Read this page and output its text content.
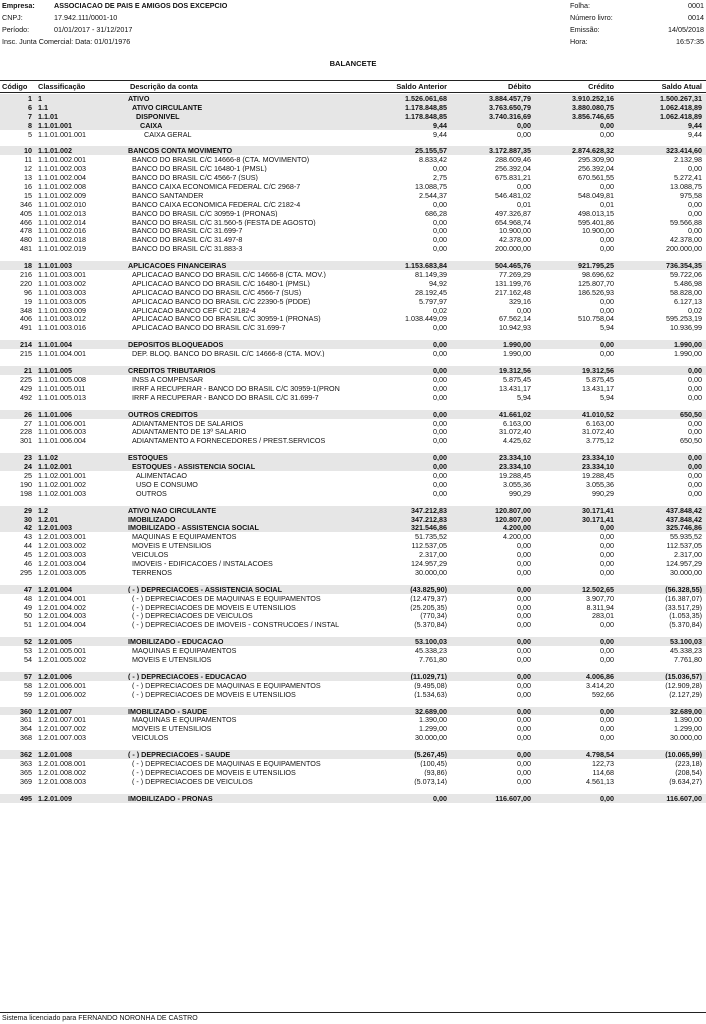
Empresa:	ASSOCIACAO DE PAIS E AMIGOS DOS EXCEPCIO
CNPJ:	17.942.111/0001-10
Período:	01/01/2017 - 31/12/2017
Insc. Junta Comercial: Data: 01/01/1976
Folha:	0001
Número livro:	0014
Emissão:	14/05/2018
Hora:	16:57:35
BALANCETE
Código Classificação	Descrição da conta	Saldo Anterior	Débito	Crédito	Saldo Atual
1 1	ATIVO	1.526.061,68	3.884.457,79	3.910.252,16	1.500.267,31
6 1.1	ATIVO CIRCULANTE	1.178.848,85	3.763.650,79	3.880.080,75	1.062.418,89
7 1.1.01	DISPONIVEL	1.178.848,85	3.740.316,69	3.856.746,65	1.062.418,89
8 1.1.01.001	CAIXA	9,44	0,00	0,00	9,44
5 1.1.01.001.001	CAIXA GERAL	9,44	0,00	0,00	9,44
10 1.1.01.002	BANCOS CONTA MOVIMENTO	25.155,57	3.172.887,35	2.874.628,32	323.414,60
11 1.1.01.002.001	BANCO DO BRASIL C/C 14666-8 (CTA. MOVIMENTO)	8.833,42	288.609,46	295.309,90	2.132,98
12 1.1.01.002.003	BANCO DO BRASIL C/C 16480-1 (PMSL)	0,00	256.392,04	256.392,04	0,00
13 1.1.01.002.004	BANCO DO BRASIL C/C 4566-7 (SUS)	2,75	675.831,21	670.561,55	5.272,41
16 1.1.01.002.008	BANCO CAIXA ECONOMICA FEDERAL C/C 2968-7	13.088,75	0,00	0,00	13.088,75
15 1.1.01.002.009	BANCO SANTANDER	2.544,37	546.481,02	548.049,81	975,58
346 1.1.01.002.010	BANCO CAIXA ECONOMICA FEDERAL C/C 2182-4	0,00	0,01	0,01	0,00
405 1.1.01.002.013	BANCO DO BRASIL C/C 30959-1 (PRONAS)	686,28	497.326,87	498.013,15	0,00
466 1.1.01.002.014	BANCO DO BRASIL C/C 31.560-5 (FESTA DE AGOSTO)	0,00	654.968,74	595.401,86	59.566,88
478 1.1.01.002.016	BANCO DO BRASIL C/C 31.699-7	0,00	10.900,00	10.900,00	0,00
480 1.1.01.002.018	BANCO DO BRASIL C/C 31.497-8	0,00	42.378,00	0,00	42.378,00
481 1.1.01.002.019	BANCO DO BRASIL C/C 31.883-3	0,00	200.000,00	0,00	200.000,00
18 1.1.01.003	APLICACOES FINANCEIRAS	1.153.683,84	504.465,76	921.795,25	736.354,35
216 1.1.01.003.001	APLICACAO BANCO DO BRASIL C/C 14666-8 (CTA. MOV.)	81.149,39	77.269,29	98.696,62	59.722,06
220 1.1.01.003.002	APLICACAO BANCO DO BRASIL C/C 16480-1 (PMSL)	94,92	131.199,76	125.807,70	5.486,98
96 1.1.01.003.003	APLICACAO BANCO DO BRASIL C/C 4566-7 (SUS)	28.192,45	217.162,48	186.526,93	58.828,00
19 1.1.01.003.005	APLICACAO BANCO DO BRASIL C/C 22390-5 (PDDE)	5.797,97	329,16	0,00	6.127,13
348 1.1.01.003.009	APLICACAO BANCO CEF C/C 2182-4	0,02	0,00	0,00	0,02
406 1.1.01.003.012	APLICACAO BANCO DO BRASIL C/C 30959-1 (PRONAS)	1.038.449,09	67.562,14	510.758,04	595.253,19
491 1.1.01.003.016	APLICACAO BANCO DO BRASIL C/C 31.699-7	0,00	10.942,93	5,94	10.936,99
214 1.1.01.004	DEPOSITOS BLOQUEADOS	0,00	1.990,00	0,00	1.990,00
215 1.1.01.004.001	DEP. BLOQ. BANCO DO BRASIL C/C 14666-8 (CTA. MOV.)	0,00	1.990,00	0,00	1.990,00
21 1.1.01.005	CREDITOS TRIBUTARIOS	0,00	19.312,56	19.312,56	0,00
225 1.1.01.005.008	INSS A COMPENSAR	0,00	5.875,45	5.875,45	0,00
429 1.1.01.005.011	IRRF A RECUPERAR - BANCO DO BRASIL C/C 30959-1(PRON	0,00	13.431,17	13.431,17	0,00
492 1.1.01.005.013	IRRF A RECUPERAR - BANCO DO BRASIL C/C 31.699-7	0,00	5,94	5,94	0,00
26 1.1.01.006	OUTROS CREDITOS	0,00	41.661,02	41.010,52	650,50
27 1.1.01.006.001	ADIANTAMENTOS DE SALARIOS	0,00	6.163,00	6.163,00	0,00
228 1.1.01.006.003	ADIANTAMENTO DE 13º SALARIO	0,00	31.072,40	31.072,40	0,00
301 1.1.01.006.004	ADIANTAMENTO A FORNECEDORES / PREST.SERVICOS	0,00	4.425,62	3.775,12	650,50
23 1.1.02	ESTOQUES	0,00	23.334,10	23.334,10	0,00
24 1.1.02.001	ESTOQUES - ASSISTENCIA SOCIAL	0,00	23.334,10	23.334,10	0,00
25 1.1.02.001.001	ALIMENTACAO	0,00	19.288,45	19.288,45	0,00
190 1.1.02.001.002	USO E CONSUMO	0,00	3.055,36	3.055,36	0,00
198 1.1.02.001.003	OUTROS	0,00	990,29	990,29	0,00
29 1.2	ATIVO NAO CIRCULANTE	347.212,83	120.807,00	30.171,41	437.848,42
30 1.2.01	IMOBILIZADO	347.212,83	120.807,00	30.171,41	437.848,42
42 1.2.01.003	IMOBILIZADO - ASSISTENCIA SOCIAL	321.546,86	4.200,00	0,00	325.746,86
43 1.2.01.003.001	MAQUINAS E EQUIPAMENTOS	51.735,52	4.200,00	0,00	55.935,52
44 1.2.01.003.002	MOVEIS E UTENSILIOS	112.537,05	0,00	0,00	112.537,05
45 1.2.01.003.003	VEICULOS	2.317,00	0,00	0,00	2.317,00
46 1.2.01.003.004	IMOVEIS - EDIFICACOES / INSTALACOES	124.957,29	0,00	0,00	124.957,29
295 1.2.01.003.005	TERRENOS	30.000,00	0,00	0,00	30.000,00
47 1.2.01.004	( - ) DEPRECIACOES - ASSISTENCIA SOCIAL	(43.825,90)	0,00	12.502,65	(56.328,55)
48 1.2.01.004.001	( - ) DEPRECIACOES DE MAQUINAS E EQUIPAMENTOS	(12.479,37)	0,00	3.907,70	(16.387,07)
49 1.2.01.004.002	( - ) DEPRECIACOES DE MOVEIS E UTENSILIOS	(25.205,35)	0,00	8.311,94	(33.517,29)
50 1.2.01.004.003	( - ) DEPRECIACOES DE VEICULOS	(770,34)	0,00	283,01	(1.053,35)
51 1.2.01.004.004	( - ) DEPRECIACOES DE IMOVEIS - CONSTRUCOES / INSTAL	(5.370,84)	0,00	0,00	(5.370,84)
52 1.2.01.005	IMOBILIZADO - EDUCACAO	53.100,03	0,00	0,00	53.100,03
53 1.2.01.005.001	MAQUINAS E EQUIPAMENTOS	45.338,23	0,00	0,00	45.338,23
54 1.2.01.005.002	MOVEIS E UTENSILIOS	7.761,80	0,00	0,00	7.761,80
57 1.2.01.006	( - ) DEPRECIACOES - EDUCACAO	(11.029,71)	0,00	4.006,86	(15.036,57)
58 1.2.01.006.001	( - ) DEPRECIACOES DE MAQUINAS E EQUIPAMENTOS	(9.495,08)	0,00	3.414,20	(12.909,28)
59 1.2.01.006.002	( - ) DEPRECIACOES DE MOVEIS E UTENSILIOS	(1.534,63)	0,00	592,66	(2.127,29)
360 1.2.01.007	IMOBILIZADO - SAUDE	32.689,00	0,00	0,00	32.689,00
361 1.2.01.007.001	MAQUINAS E EQUIPAMENTOS	1.390,00	0,00	0,00	1.390,00
364 1.2.01.007.002	MOVEIS E UTENSILIOS	1.299,00	0,00	0,00	1.299,00
368 1.2.01.007.003	VEICULOS	30.000,00	0,00	0,00	30.000,00
362 1.2.01.008	( - ) DEPRECIACOES - SAUDE	(5.267,45)	0,00	4.798,54	(10.065,99)
363 1.2.01.008.001	( - ) DEPRECIACOES DE MAQUINAS E EQUIPAMENTOS	(100,45)	0,00	122,73	(223,18)
365 1.2.01.008.002	( - ) DEPRECIACOES DE MOVEIS E UTENSILIOS	(93,86)	0,00	114,68	(208,54)
369 1.2.01.008.003	( - ) DEPRECIACOES DE VEICULOS	(5.073,14)	0,00	4.561,13	(9.634,27)
495 1.2.01.009	IMOBILIZADO - PRONAS	0,00	116.607,00	0,00	116.607,00
Sistema licenciado para FERNANDO NORONHA DE CASTRO
